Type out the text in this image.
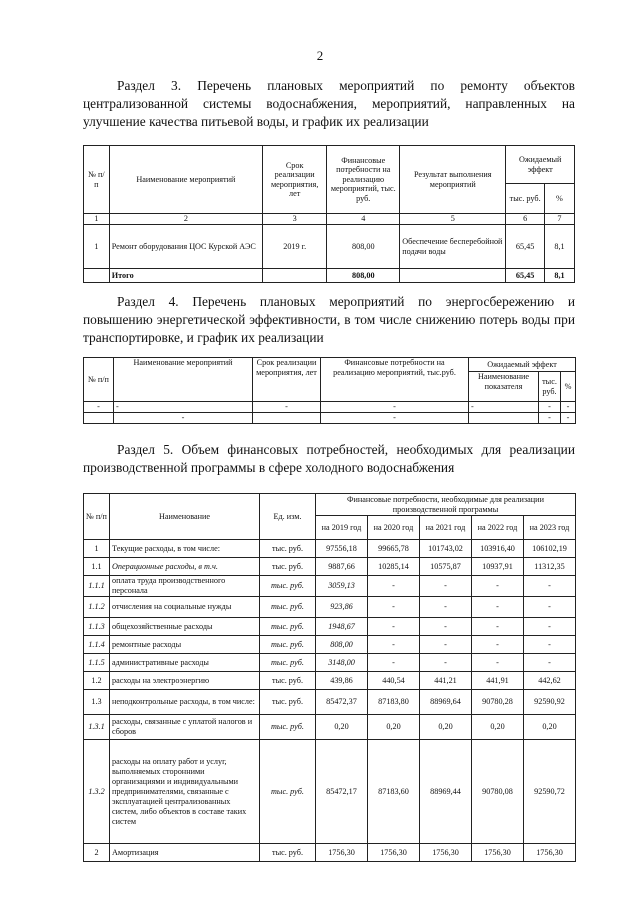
2
Раздел 3. Перечень плановых мероприятий по ремонту объектов централизованной системы водоснабжения, мероприятий, направленных на улучшение качества питьевой воды, и график их реализации
№ п/п	Наименование мероприятий	Срок реализации мероприятия, лет	Финансовые потребности на реализацию мероприятий, тыс. руб.	Результат выполнения мероприятий	Ожидаемый эффект	
					тыс. руб.	%
1	2	3	4	5	6	7
1	Ремонт оборудования ЦОС Курской АЭС	2019 г.	808,00	Обеспечение бесперебойной подачи воды	65,45	8,1
	Итого		808,00		65,45	8,1
Раздел 4. Перечень плановых мероприятий по энергосбережению и повышению энергетической эффективности, в том числе снижению потерь воды при транспортировке, и график их реализации
№ п/п	Наименование мероприятий	Срок реализации мероприятия, лет	Финансовые потребности на реализацию мероприятий, тыс.руб.	Ожидаемый эффект		
				Наименование показателя	тыс. руб.	%
-	-	-	-	-	-	-
	-		-		-	-
Раздел 5. Объем финансовых потребностей, необходимых для реализации производственной программы в сфере холодного водоснабжения
№ п/п	Наименование	Ед. изм.	Финансовые потребности, необходимые для реализации производственной программы				
			на 2019 год	на 2020 год	на 2021 год	на 2022 год	на 2023 год
1	Текущие расходы, в том числе:	тыс. руб.	97556,18	99665,78	101743,02	103916,40	106102,19
1.1	Операционные расходы, в т.ч.	тыс. руб.	9887,66	10285,14	10575,87	10937,91	11312,35
1.1.1	оплата труда производственного персонала	тыс. руб.	3059,13	-	-	-	-
1.1.2	отчисления на социальные нужды	тыс. руб.	923,86	-	-	-	-
1.1.3	общехозяйственные расходы	тыс. руб.	1948,67	-	-	-	-
1.1.4	ремонтные расходы	тыс. руб.	808,00	-	-	-	-
1.1.5	административные расходы	тыс. руб.	3148,00	-	-	-	-
1.2	расходы на электроэнергию	тыс. руб.	439,86	440,54	441,21	441,91	442,62
1.3	неподконтрольные расходы, в том числе:	тыс. руб.	85472,37	87183,80	88969,64	90780,28	92590,92
1.3.1	расходы, связанные с уплатой налогов и сборов	тыс. руб.	0,20	0,20	0,20	0,20	0,20
1.3.2	расходы на оплату работ и услуг, выполняемых сторонними организациями и индивидуальными предпринимателями, связанные с эксплуатацией централизованных систем, либо объектов в составе таких систем	тыс. руб.	85472,17	87183,60	88969,44	90780,08	92590,72
2	Амортизация	тыс. руб.	1756,30	1756,30	1756,30	1756,30	1756,30
